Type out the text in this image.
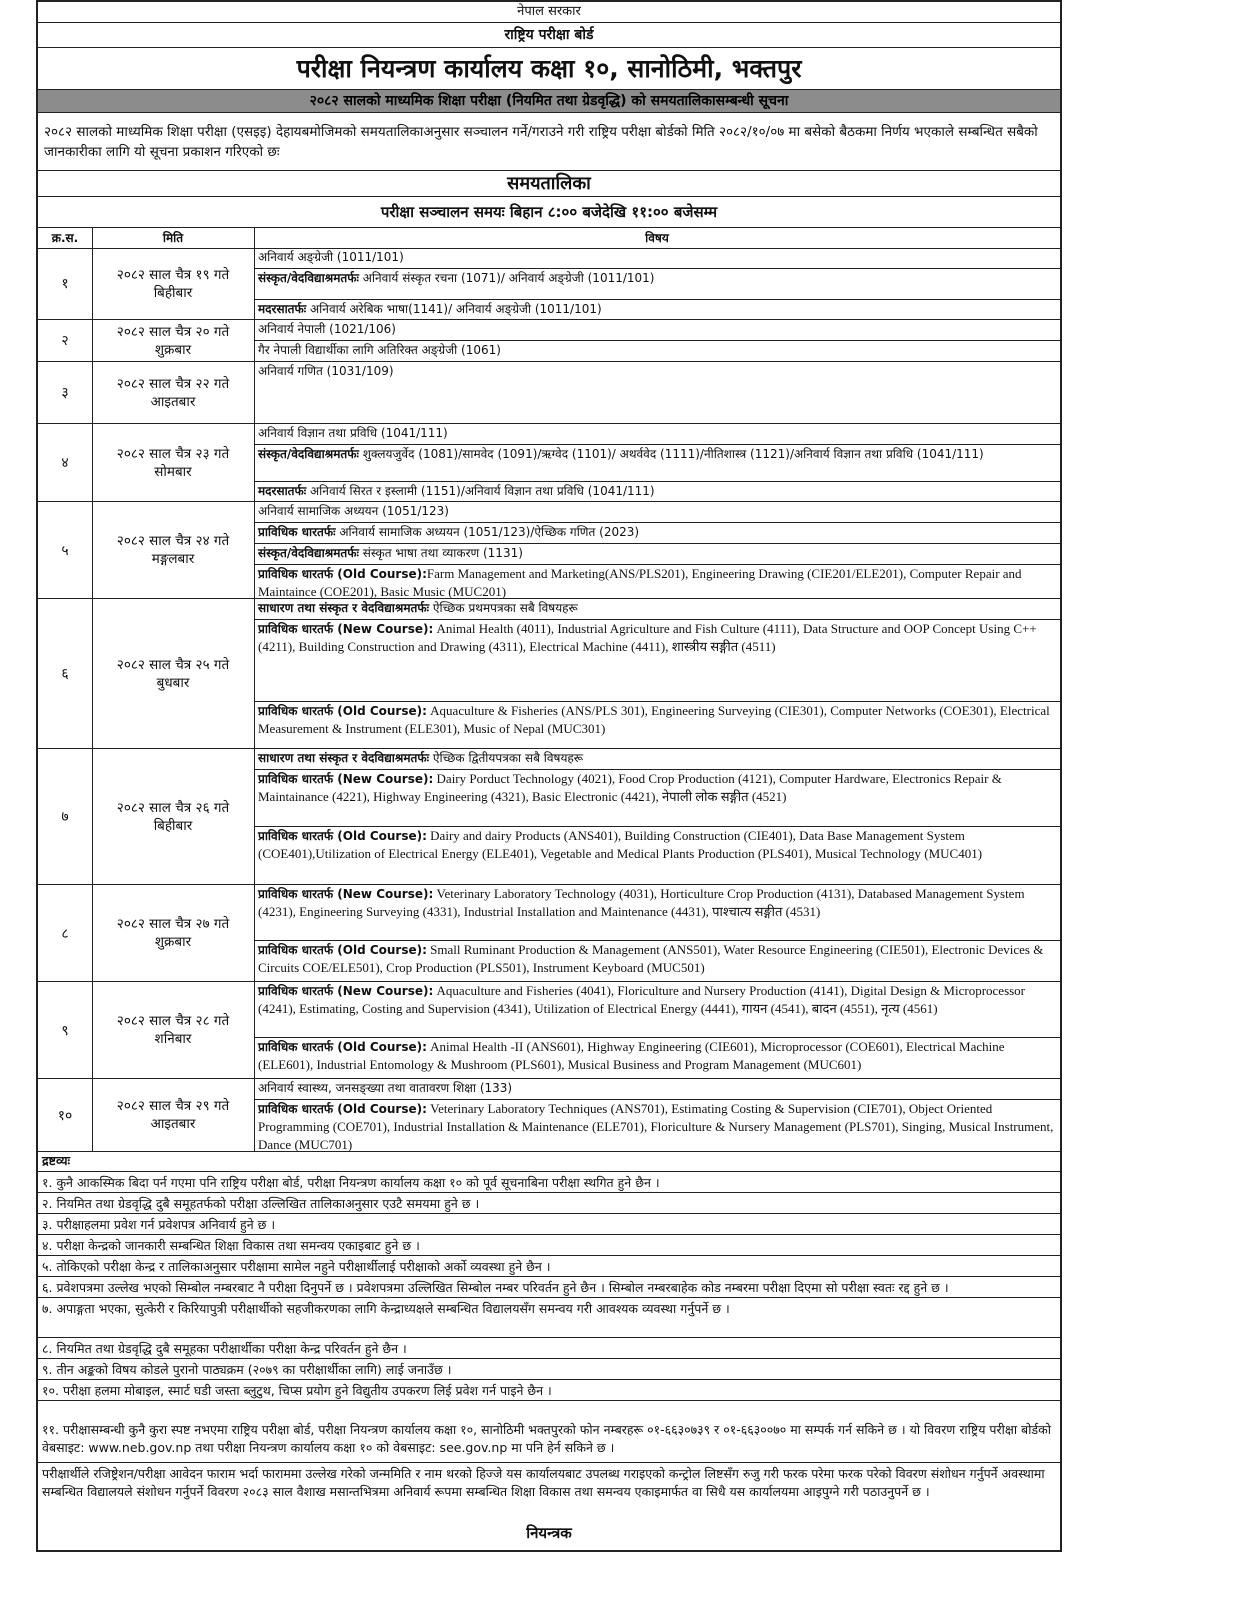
नेपाल सरकार
राष्ट्रिय परीक्षा बोर्ड
परीक्षा नियन्त्रण कार्यालय कक्षा १०, सानोठिमी, भक्तपुर
२०८२ सालको माध्यमिक शिक्षा परीक्षा (नियमित तथा ग्रेडवृद्धि) को समयतालिकासम्बन्धी सूचना
२०८२ सालको माध्यमिक शिक्षा परीक्षा (एसइइ) देहायबमोजिमको समयतालिकाअनुसार सञ्चालन गर्ने/गराउने गरी राष्ट्रिय परीक्षा बोर्डको मिति २०८२/१०/०७ मा बसेको बैठकमा निर्णय भएकाले सम्बन्धित सबैको जानकारीका लागि यो सूचना प्रकाशन गरिएको छः
समयतालिका
परीक्षा सञ्चालन समयः बिहान ८:०० बजेदेखि ११:०० बजेसम्म
क्र.स.	मिति	विषय
१
२०८२ साल चैत्र १९ गते
बिहीबार
अनिवार्य अङ्ग्रेजी (1011/101)
संस्कृत/वेदविद्याश्रमतर्फः अनिवार्य संस्कृत रचना (1071)/ अनिवार्य अङ्ग्रेजी (1011/101)
मदरसातर्फः अनिवार्य अरेबिक भाषा(1141)/ अनिवार्य अङ्ग्रेजी (1011/101)
२
२०८२ साल चैत्र २० गते
शुक्रबार
अनिवार्य नेपाली (1021/106)
गैर नेपाली विद्यार्थीका लागि अतिरिक्त अङ्ग्रेजी (1061)
३
२०८२ साल चैत्र २२ गते
आइतबार
अनिवार्य गणित (1031/109)
४
२०८२ साल चैत्र २३ गते
सोमबार
अनिवार्य विज्ञान तथा प्रविधि (1041/111)
संस्कृत/वेदविद्याश्रमतर्फः शुक्लयजुर्वेद (1081)/सामवेद (1091)/ऋग्वेद (1101)/ अथर्ववेद (1111)/नीतिशास्त्र (1121)/अनिवार्य विज्ञान तथा प्रविधि (1041/111)
मदरसातर्फः अनिवार्य सिरत र इस्लामी (1151)/अनिवार्य विज्ञान तथा प्रविधि (1041/111)
५
२०८२ साल चैत्र २४ गते
मङ्गलबार
अनिवार्य सामाजिक अध्ययन (1051/123)
प्राविधिक धारतर्फः अनिवार्य सामाजिक अध्ययन (1051/123)/ऐच्छिक गणित (2023)
संस्कृत/वेदविद्याश्रमतर्फः संस्कृत भाषा तथा व्याकरण (1131)
प्राविधिक धारतर्फ (Old Course):Farm Management and Marketing(ANS/PLS201), Engineering Drawing (CIE201/ELE201), Computer Repair and Maintaince (COE201), Basic Music (MUC201)
६
२०८२ साल चैत्र २५ गते
बुधबार
साधारण तथा संस्कृत र वेदविद्याश्रमतर्फः ऐच्छिक प्रथमपत्रका सबै विषयहरू
प्राविधिक धारतर्फ (New Course): Animal Health (4011), Industrial Agriculture and Fish Culture (4111), Data Structure and OOP Concept Using C++ (4211), Building Construction and Drawing (4311), Electrical Machine (4411), शास्त्रीय सङ्गीत (4511)
प्राविधिक धारतर्फ (Old Course): Aquaculture & Fisheries (ANS/PLS 301), Engineering Surveying (CIE301), Computer Networks (COE301), Electrical Measurement & Instrument (ELE301), Music of Nepal (MUC301)
७
२०८२ साल चैत्र २६ गते
बिहीबार
साधारण तथा संस्कृत र वेदविद्याश्रमतर्फः ऐच्छिक द्वितीयपत्रका सबै विषयहरू
प्राविधिक धारतर्फ (New Course): Dairy Porduct Technology (4021), Food Crop Production (4121), Computer Hardware, Electronics Repair & Maintainance (4221), Highway Engineering (4321), Basic Electronic (4421), नेपाली लोक सङ्गीत (4521)
प्राविधिक धारतर्फ (Old Course): Dairy and dairy Products (ANS401), Building Construction (CIE401), Data Base Management System (COE401),Utilization of Electrical Energy (ELE401), Vegetable and Medical Plants Production (PLS401), Musical Technology (MUC401)
८
२०८२ साल चैत्र २७ गते
शुक्रबार
प्राविधिक धारतर्फ (New Course): Veterinary Laboratory Technology (4031), Horticulture Crop Production (4131), Databased Management System (4231), Engineering Surveying (4331), Industrial Installation and Maintenance (4431), पाश्चात्य सङ्गीत (4531)
प्राविधिक धारतर्फ (Old Course): Small Ruminant Production & Management (ANS501), Water Resource Engineering (CIE501), Electronic Devices & Circuits COE/ELE501), Crop Production (PLS501), Instrument Keyboard (MUC501)
९
२०८२ साल चैत्र २८ गते
शनिबार
प्राविधिक धारतर्फ (New Course): Aquaculture and Fisheries (4041), Floriculture and Nursery Production (4141), Digital Design & Microprocessor (4241), Estimating, Costing and Supervision (4341), Utilization of Electrical Energy (4441), गायन (4541), बादन (4551), नृत्य (4561)
प्राविधिक धारतर्फ (Old Course): Animal Health -II (ANS601), Highway Engineering (CIE601), Microprocessor (COE601), Electrical Machine (ELE601), Industrial Entomology & Mushroom (PLS601), Musical Business and Program Management (MUC601)
१०
२०८२ साल चैत्र २९ गते
आइतबार
अनिवार्य स्वास्थ्य, जनसङ्ख्या तथा वातावरण शिक्षा (133)
प्राविधिक धारतर्फ (Old Course): Veterinary Laboratory Techniques (ANS701), Estimating Costing & Supervision (CIE701), Object Oriented Programming (COE701), Industrial Installation & Maintenance (ELE701), Floriculture & Nursery Management (PLS701), Singing, Musical Instrument, Dance (MUC701)
द्रष्टव्यः
१. कुनै आकस्मिक बिदा पर्न गएमा पनि राष्ट्रिय परीक्षा बोर्ड, परीक्षा नियन्त्रण कार्यालय कक्षा १० को पूर्व सूचनाबिना परीक्षा स्थगित हुने छैन ।
२. नियमित तथा ग्रेडवृद्धि दुबै समूहतर्फको परीक्षा उल्लिखित तालिकाअनुसार एउटै समयमा हुने छ ।
३. परीक्षाहलमा प्रवेश गर्न प्रवेशपत्र अनिवार्य हुने छ ।
४. परीक्षा केन्द्रको जानकारी सम्बन्धित शिक्षा विकास तथा समन्वय एकाइबाट हुने छ ।
५. तोकिएको परीक्षा केन्द्र र तालिकाअनुसार परीक्षामा सामेल नहुने परीक्षार्थीलाई परीक्षाको अर्को व्यवस्था हुने छैन ।
६. प्रवेशपत्रमा उल्लेख भएको सिम्बोल नम्बरबाट नै परीक्षा दिनुपर्ने छ । प्रवेशपत्रमा उल्लिखित सिम्बोल नम्बर परिवर्तन हुने छैन । सिम्बोल नम्बरबाहेक कोड नम्बरमा परीक्षा दिएमा सो परीक्षा स्वतः रद्द हुने छ ।
७. अपाङ्गता भएका, सुत्केरी र किरियापुत्री परीक्षार्थीको सहजीकरणका लागि केन्द्राध्यक्षले सम्बन्धित विद्यालयसँग समन्वय गरी आवश्यक व्यवस्था गर्नुपर्ने छ ।
८. नियमित तथा ग्रेडवृद्धि दुबै समूहका परीक्षार्थीका परीक्षा केन्द्र परिवर्तन हुने छैन ।
९. तीन अङ्कको विषय कोडले पुरानो पाठ्यक्रम (२०७९ का परीक्षार्थीका लागि) लाई जनाउँछ ।
१०. परीक्षा हलमा मोबाइल, स्मार्ट घडी जस्ता ब्लुटुथ, चिप्स प्रयोग हुने विद्युतीय उपकरण लिई प्रवेश गर्न पाइने छैन ।
११. परीक्षासम्बन्धी कुनै कुरा स्पष्ट नभएमा राष्ट्रिय परीक्षा बोर्ड, परीक्षा नियन्त्रण कार्यालय कक्षा १०, सानोठिमी भक्तपुरको फोन नम्बरहरू ०१-६६३०७३९ र ०१-६६३००७० मा सम्पर्क गर्न सकिने छ । यो विवरण राष्ट्रिय परीक्षा बोर्डको वेबसाइट: www.neb.gov.np तथा परीक्षा नियन्त्रण कार्यालय कक्षा १० को वेबसाइट: see.gov.np मा पनि हेर्न सकिने छ ।
परीक्षार्थीले रजिष्ट्रेशन/परीक्षा आवेदन फाराम भर्दा फाराममा उल्लेख गरेको जन्ममिति र नाम थरको हिज्जे यस कार्यालयबाट उपलब्ध गराइएको कन्ट्रोल लिष्टसँग रुजु गरी फरक परेमा फरक परेको विवरण संशोधन गर्नुपर्ने अवस्थामा सम्बन्धित विद्यालयले संशोधन गर्नुपर्ने विवरण २०८३ साल वैशाख मसान्तभित्रमा अनिवार्य रूपमा सम्बन्धित शिक्षा विकास तथा समन्वय एकाइमार्फत वा सिधै यस कार्यालयमा आइपुग्ने गरी पठाउनुपर्ने छ ।
नियन्त्रक
